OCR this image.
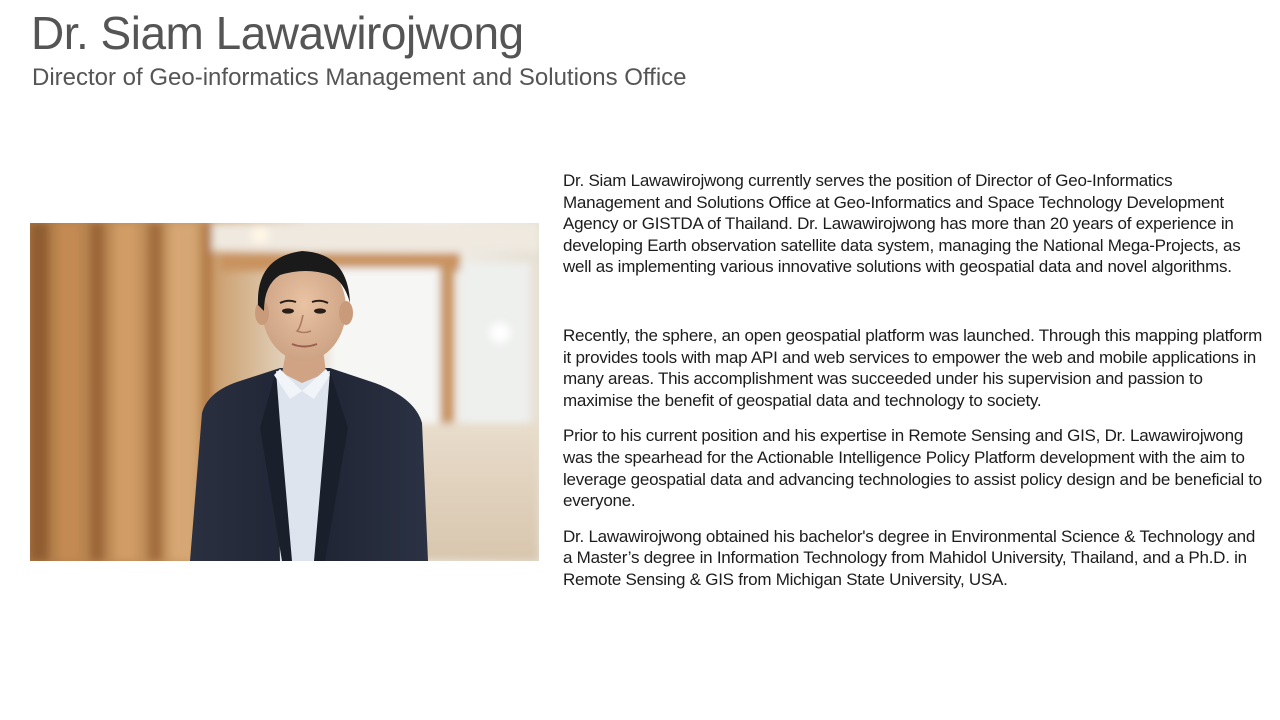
Dr. Siam Lawawirojwong
Director of Geo-informatics Management and Solutions Office

Dr. Siam Lawawirojwong currently serves the position of Director of Geo-Informatics Management and Solutions Office at Geo-Informatics and Space Technology Development Agency or GISTDA of Thailand. Dr. Lawawirojwong has more than 20 years of experience in developing Earth observation satellite data system, managing the National Mega-Projects, as well as implementing various innovative solutions with geospatial data and novel algorithms.

Recently, the sphere, an open geospatial platform was launched. Through this mapping platform it provides tools with map API and web services to empower the web and mobile applications in many areas. This accomplishment was succeeded under his supervision and passion to maximise the benefit of geospatial data and technology to society.

Prior to his current position and his expertise in Remote Sensing and GIS, Dr. Lawawirojwong was the spearhead for the Actionable Intelligence Policy Platform development with the aim to leverage geospatial data and advancing technologies to assist policy design and be beneficial to everyone.

Dr. Lawawirojwong obtained his bachelor's degree in Environmental Science & Technology and a Master’s degree in Information Technology from Mahidol University, Thailand, and a Ph.D. in Remote Sensing & GIS from Michigan State University, USA.
